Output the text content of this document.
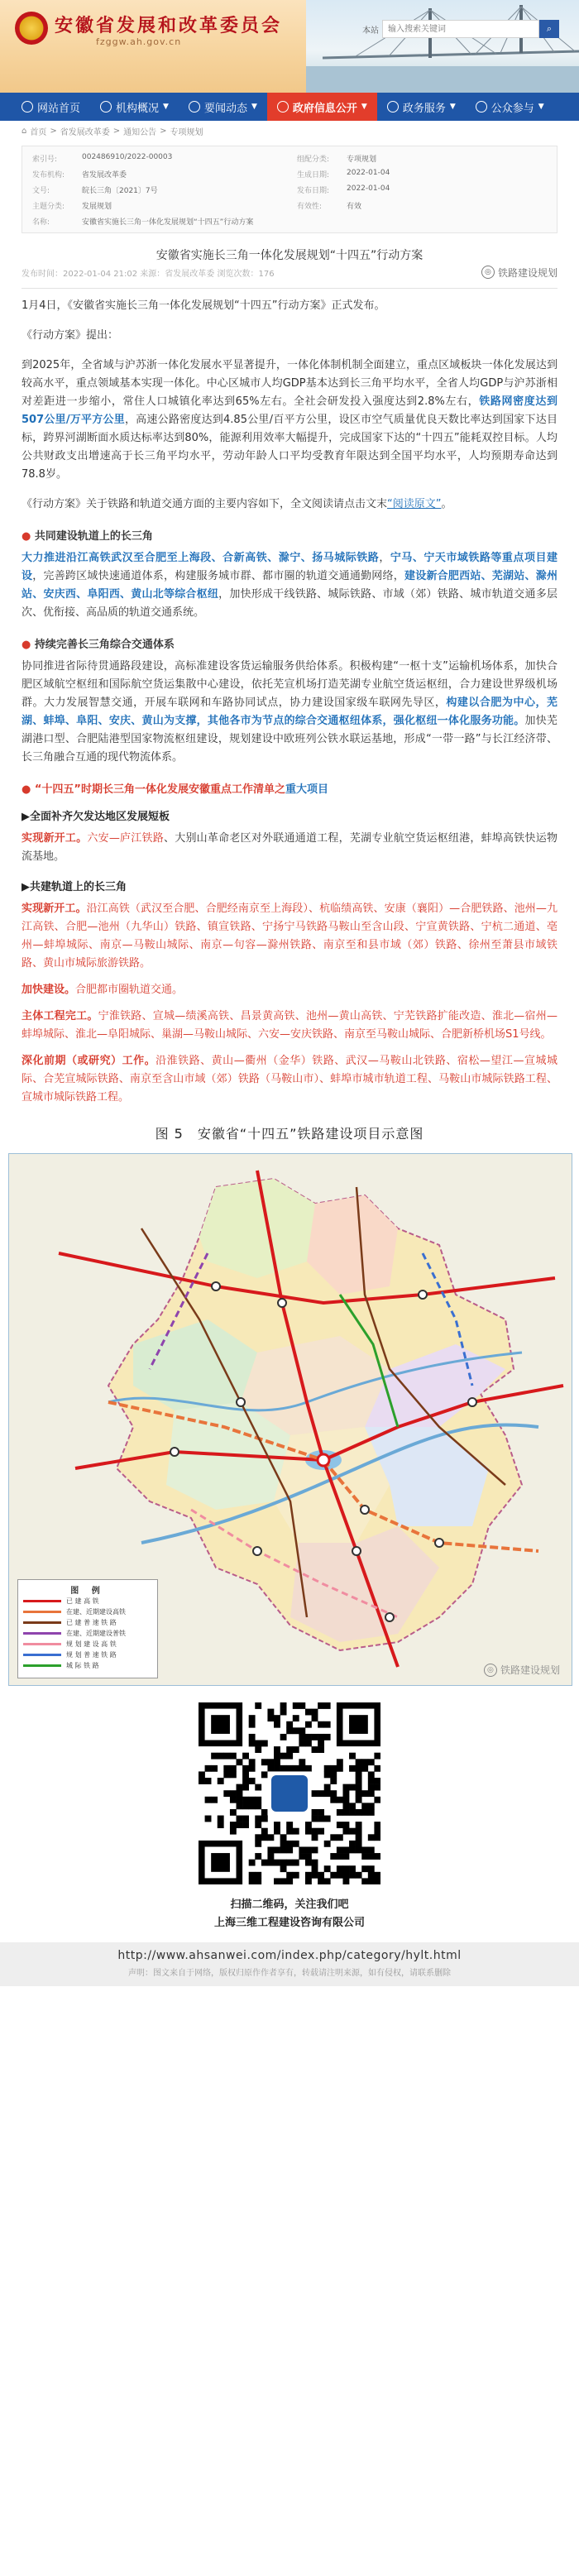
安徽省发展和改革委员会
fzggw.ah.gov.cn
本站
输入搜索关键词	⌕
网站首页	机构概况 ▼	要闻动态 ▼	政府信息公开 ▼	政务服务 ▼	公众参与 ▼
⌂ 首页 > 省发展改革委 > 通知公告 > 专项规划
索引号:	002486910/2022-00003	组配分类:	专项规划
发布机构:	省发展改革委	生成日期:	2022-01-04
文号:	皖长三角〔2021〕7号	发布日期:	2022-01-04
主题分类:	发展规划	有效性:	有效
名称:	安徽省实施长三角一体化发展规划“十四五”行动方案
安徽省实施长三角一体化发展规划“十四五”行动方案
发布时间：2022-01-04 21:02 来源：省发展改革委 浏览次数：176	◎ 铁路建设规划

1月4日，《安徽省实施长三角一体化发展规划“十四五”行动方案》正式发布。

《行动方案》提出：

到2025年，全省域与沪苏浙一体化发展水平显著提升，一体化体制机制全面建立，重点区域板块一体化发展达到较高水平，重点领域基本实现一体化。中心区城市人均GDP基本达到长三角平均水平，全省人均GDP与沪苏浙相对差距进一步缩小，常住人口城镇化率达到65%左右。全社会研发投入强度达到2.8%左右，铁路网密度达到507公里/万平方公里，高速公路密度达到4.85公里/百平方公里，设区市空气质量优良天数比率达到国家下达目标，跨界河湖断面水质达标率达到80%，能源利用效率大幅提升，完成国家下达的“十四五”能耗双控目标。人均公共财政支出增速高于长三角平均水平，劳动年龄人口平均受教育年限达到全国平均水平，人均预期寿命达到78.8岁。

《行动方案》关于铁路和轨道交通方面的主要内容如下，全文阅读请点击文末“阅读原文”。

● 共同建设轨道上的长三角

大力推进沿江高铁武汉至合肥至上海段、合新高铁、滁宁、扬马城际铁路，宁马、宁天市域铁路等重点项目建设，完善跨区域快速通道体系，构建服务城市群、都市圈的轨道交通通勤网络，建设新合肥西站、芜湖站、滁州站、安庆西、阜阳西、黄山北等综合枢纽，加快形成干线铁路、城际铁路、市域（郊）铁路、城市轨道交通多层次、优衔接、高品质的轨道交通系统。

● 持续完善长三角综合交通体系

协同推进省际待贯通路段建设，高标准建设客货运输服务供给体系。积极构建“一枢十支”运输机场体系，加快合肥区域航空枢纽和国际航空货运集散中心建设，依托芜宣机场打造芜湖专业航空货运枢纽，合力建设世界级机场群。大力发展智慧交通，开展车联网和车路协同试点，协力建设国家级车联网先导区，构建以合肥为中心，芜湖、蚌埠、阜阳、安庆、黄山为支撑，其他各市为节点的综合交通枢纽体系，强化枢纽一体化服务功能。加快芜湖港口型、合肥陆港型国家物流枢纽建设，规划建设中欧班列公铁水联运基地，形成“一带一路”与长江经济带、长三角融合互通的现代物流体系。

● “十四五”时期长三角一体化发展安徽重点工作清单之重大项目
▶全面补齐欠发达地区发展短板

实现新开工。六安—庐江铁路、大别山革命老区对外联通通道工程，芜湖专业航空货运枢纽港，蚌埠高铁快运物流基地。

▶共建轨道上的长三角

实现新开工。沿江高铁（武汉至合肥、合肥经南京至上海段）、杭临绩高铁、安康（襄阳）—合肥铁路、池州—九江高铁、合肥—池州（九华山）铁路、镇宣铁路、宁扬宁马铁路马鞍山至含山段、宁宣黄铁路、宁杭二通道、亳州—蚌埠城际、南京—马鞍山城际、南京—句容—滁州铁路、南京至和县市域（郊）铁路、徐州至萧县市域铁路、黄山市城际旅游铁路。

加快建设。合肥都市圈轨道交通。

主体工程完工。宁淮铁路、宣城—绩溪高铁、昌景黄高铁、池州—黄山高铁、宁芜铁路扩能改造、淮北—宿州—蚌埠城际、淮北—阜阳城际、巢湖—马鞍山城际、六安—安庆铁路、南京至马鞍山城际、合肥新桥机场S1号线。

深化前期（或研究）工作。沿淮铁路、黄山—衢州（金华）铁路、武汉—马鞍山北铁路、宿松—望江—宣城城际、合芜宣城际铁路、南京至含山市域（郊）铁路（马鞍山市）、蚌埠市城市轨道工程、马鞍山市城际铁路工程、宣城市城际铁路工程。

图 5　安徽省“十四五”铁路建设项目示意图
图 例
已 建 高 铁
在建、近期建设高铁
已 建 普 速 铁 路
在建、近期建设普铁
规 划 建 设 高 铁
规 划 普 速 铁 路
城 际 铁 路	◎ 铁路建设规划
扫描二维码，关注我们吧
上海三维工程建设咨询有限公司
http://www.ahsanwei.com/index.php/category/hylt.html
声明：图文来自于网络，版权归原作作者享有，转载请注明来源，如有侵权，请联系删除
